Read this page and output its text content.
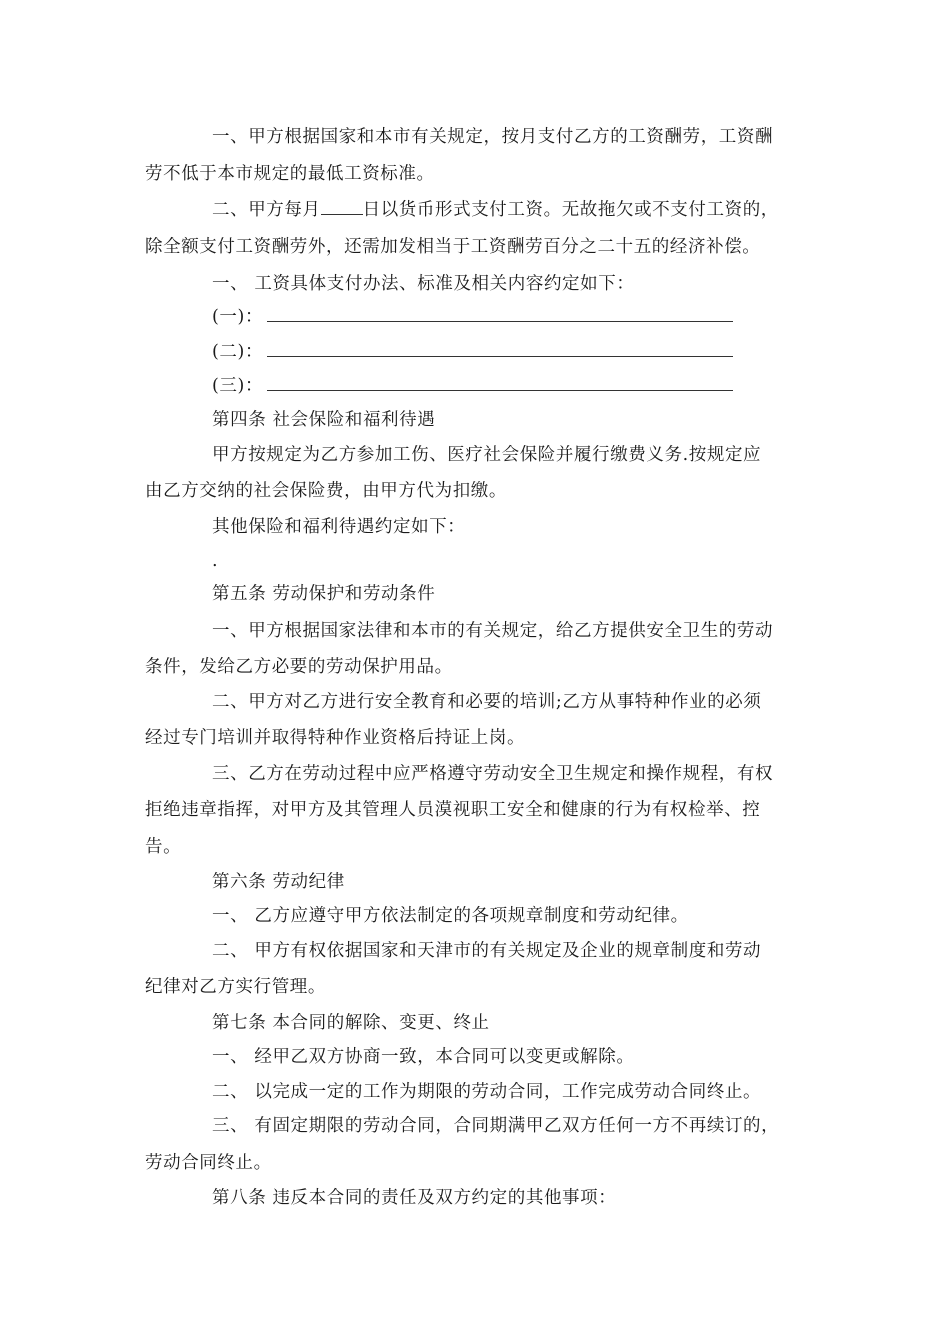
一、甲方根据国家和本市有关规定，按月支付乙方的工资酬劳，工资酬
劳不低于本市规定的最低工资标准。
二、甲方每月 日以货币形式支付工资。无故拖欠或不支付工资的，
除全额支付工资酬劳外，还需加发相当于工资酬劳百分之二十五的经济补偿。
一、 工资具体支付办法、标准及相关内容约定如下：
(一)：
(二)：
(三)：
第四条 社会保险和福利待遇
甲方按规定为乙方参加工伤、医疗社会保险并履行缴费义务.按规定应
由乙方交纳的社会保险费，由甲方代为扣缴。
其他保险和福利待遇约定如下：
.
第五条 劳动保护和劳动条件
一、甲方根据国家法律和本市的有关规定，给乙方提供安全卫生的劳动
条件，发给乙方必要的劳动保护用品。
二、甲方对乙方进行安全教育和必要的培训;乙方从事特种作业的必须
经过专门培训并取得特种作业资格后持证上岗。
三、乙方在劳动过程中应严格遵守劳动安全卫生规定和操作规程，有权
拒绝违章指挥，对甲方及其管理人员漠视职工安全和健康的行为有权检举、控
告。
第六条 劳动纪律
一、 乙方应遵守甲方依法制定的各项规章制度和劳动纪律。
二、 甲方有权依据国家和天津市的有关规定及企业的规章制度和劳动
纪律对乙方实行管理。
第七条 本合同的解除、变更、终止
一、 经甲乙双方协商一致，本合同可以变更或解除。
二、 以完成一定的工作为期限的劳动合同，工作完成劳动合同终止。
三、 有固定期限的劳动合同，合同期满甲乙双方任何一方不再续订的，
劳动合同终止。
第八条 违反本合同的责任及双方约定的其他事项：
